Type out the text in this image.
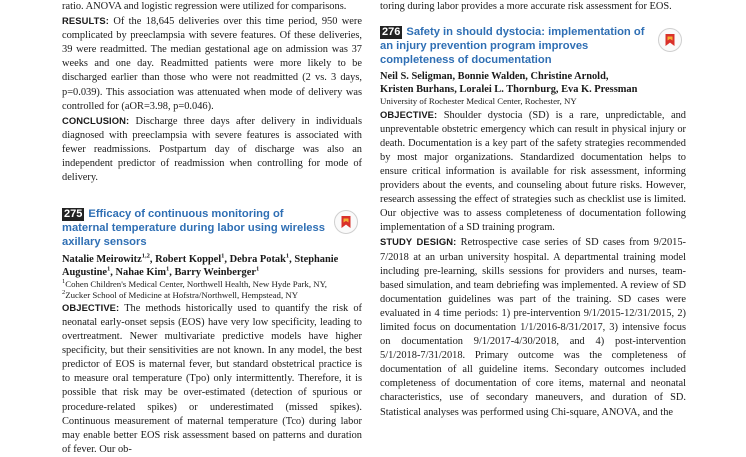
ratio. ANOVA and logistic regression were utilized for comparisons.

RESULTS: Of the 18,645 deliveries over this time period, 950 were complicated by preeclampsia with severe features. Of these deliveries, 39 were readmitted. The median gestational age on admission was 37 weeks and one day. Readmitted patients were more likely to be discharged earlier than those who were not readmitted (2 vs. 3 days, p=0.039). This association was attenuated when mode of delivery was controlled for (aOR=3.98, p=0.046).

CONCLUSION: Discharge three days after delivery in individuals diagnosed with preeclampsia with severe features is associated with fewer readmissions. Postpartum day of discharge was also an independent predictor of readmission when controlling for mode of delivery.

275 Efficacy of continuous monitoring of maternal temperature during labor using wireless axillary sensors
Natalie Meirowitz$^{1,2}$, Robert Koppel$^1$, Debra Potak$^1$, Stephanie Augustine$^1$, Nahae Kim$^1$, Barry Weinberger$^1$
$^1$Cohen Children's Medical Center, Northwell Health, New Hyde Park, NY,
$^2$Zucker School of Medicine at Hofstra/Northwell, Hempstead, NY

OBJECTIVE: The methods historically used to quantify the risk of neonatal early-onset sepsis (EOS) have very low specificity, leading to overtreatment. Newer multivariate predictive models have higher specificity, but their sensitivities are not known. In any model, the best predictor of EOS is maternal fever, but standard obstetrical practice is to measure oral temperature (Tpo) only intermittently. Therefore, it is possible that risk may be over-estimated (detection of spurious or procedure-related spikes) or underestimated (missed spikes). Continuous measurement of maternal temperature (Tco) during labor may enable better EOS risk assessment based on patterns and duration of fever. Our ob-

toring during labor provides a more accurate risk assessment for EOS.

276 Safety in should dystocia: implementation of an injury prevention program improves completeness of documentation
Neil S. Seligman, Bonnie Walden, Christine Arnold,
Kristen Burhans, Loralei L. Thornburg, Eva K. Pressman
University of Rochester Medical Center, Rochester, NY

OBJECTIVE: Shoulder dystocia (SD) is a rare, unpredictable, and unpreventable obstetric emergency which can result in physical injury or death. Documentation is a key part of the safety strategies recommended by most major organizations. Standardized documentation helps to ensure critical information is available for risk assessment, informing providers about the events, and counseling about future risks. However, research assessing the effect of strategies such as checklist use is limited. Our objective was to assess completeness of documentation following implementation of a SD training program.

STUDY DESIGN: Retrospective case series of SD cases from 9/2015-7/2018 at an urban university hospital. A departmental training model including pre-learning, skills sessions for providers and nurses, team-based simulation, and team debriefing was implemented. A review of SD documentation guidelines was part of the training. SD cases were evaluated in 4 time periods: 1) pre-intervention 9/1/2015-12/31/2015, 2) limited focus on documentation 1/1/2016-8/31/2017, 3) intensive focus on documentation 9/1/2017-4/30/2018, and 4) post-intervention 5/1/2018-7/31/2018. Primary outcome was the completeness of documentation of all guideline items. Secondary outcomes included completeness of documentation of core items, maternal and neonatal characteristics, use of secondary maneuvers, and duration of SD. Statistical analyses was performed using Chi-square, ANOVA, and the
